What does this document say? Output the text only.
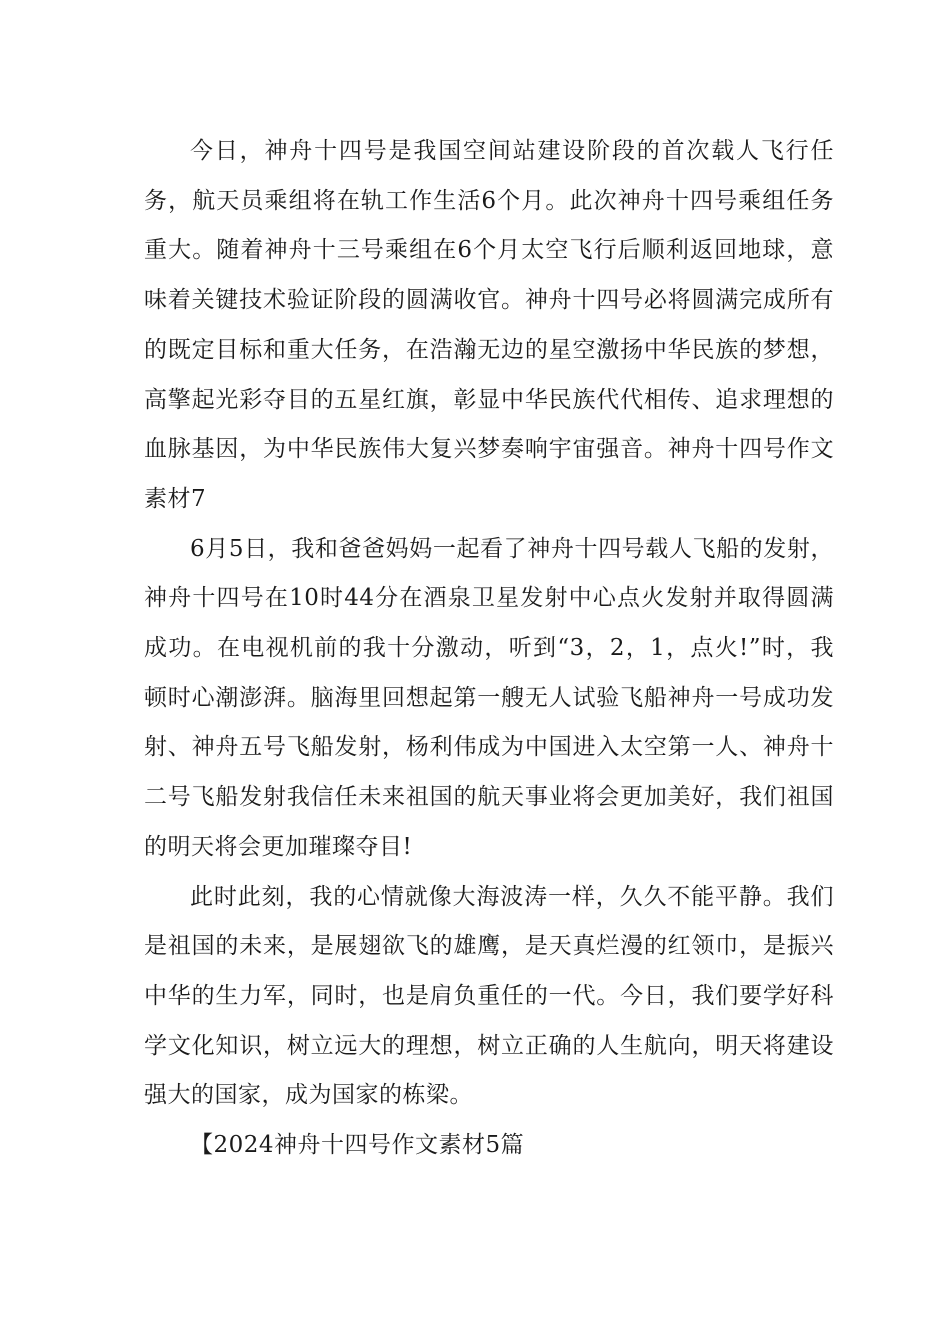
今日，神舟十四号是我国空间站建设阶段的首次载人飞行任务，航天员乘组将在轨工作生活6个月。此次神舟十四号乘组任务重大。随着神舟十三号乘组在6个月太空飞行后顺利返回地球，意味着关键技术验证阶段的圆满收官。神舟十四号必将圆满完成所有的既定目标和重大任务，在浩瀚无边的星空激扬中华民族的梦想，高擎起光彩夺目的五星红旗，彰显中华民族代代相传、追求理想的血脉基因，为中华民族伟大复兴梦奏响宇宙强音。神舟十四号作文素材7

6月5日，我和爸爸妈妈一起看了神舟十四号载人飞船的发射，神舟十四号在10时44分在酒泉卫星发射中心点火发射并取得圆满成功。在电视机前的我十分激动，听到“3，2，1，点火!”时，我顿时心潮澎湃。脑海里回想起第一艘无人试验飞船神舟一号成功发射、神舟五号飞船发射，杨利伟成为中国进入太空第一人、神舟十二号飞船发射我信任未来祖国的航天事业将会更加美好，我们祖国的明天将会更加璀璨夺目!

此时此刻，我的心情就像大海波涛一样，久久不能平静。我们是祖国的未来，是展翅欲飞的雄鹰，是天真烂漫的红领巾，是振兴中华的生力军，同时，也是肩负重任的一代。今日，我们要学好科学文化知识，树立远大的理想，树立正确的人生航向，明天将建设强大的国家，成为国家的栋梁。

【2024神舟十四号作文素材5篇
